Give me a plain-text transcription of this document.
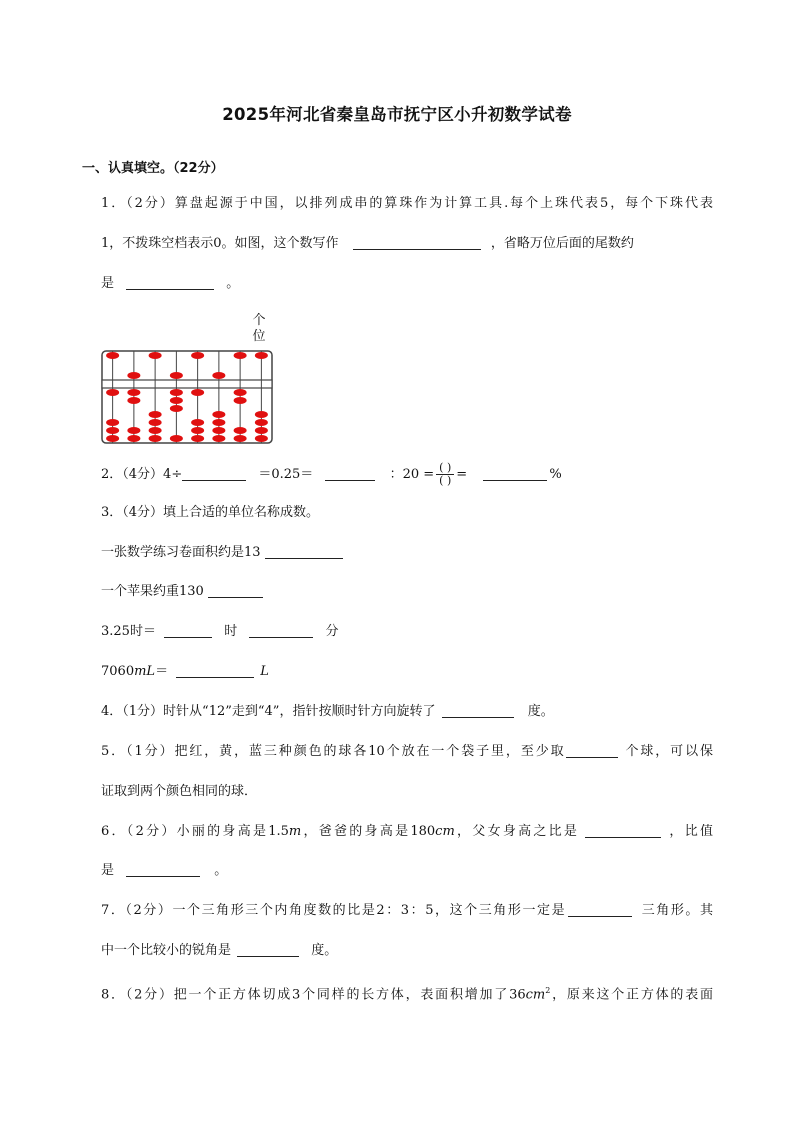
2025年河北省秦皇岛市抚宁区小升初数学试卷
一、认真填空。（22分）
1．（2分）算盘起源于中国，以排列成串的算珠作为计算工具.每个上珠代表5，每个下珠代表
1，不拨珠空档表示0。如图，这个数写作	，省略万位后面的尾数约
是	。
个
位
2．（4分）4÷	＝0.25＝	：$20 = \frac{( )}{( )}$ =	%
3．（4分）填上合适的单位名称成数。
一张数学练习卷面积约是13
一个苹果约重130
3.25时＝	时	分
7060mL＝	L
4．（1分）时针从“12”走到“4”，指针按顺时针方向旋转了	度。
5．（1分）把红，黄，蓝三种颜色的球各10个放在一个袋子里，至少取	个球，可以保
证取到两个颜色相同的球．
6．（2分）小丽的身高是1.5m，爸爸的身高是180cm，父女身高之比是	，比值
是	。
7．（2分）一个三角形三个内角度数的比是2：3：5，这个三角形一定是	三角形。其
中一个比较小的锐角是	度。
8．（2分）把一个正方体切成3个同样的长方体，表面积增加了$36cm^2$，原来这个正方体的表面
